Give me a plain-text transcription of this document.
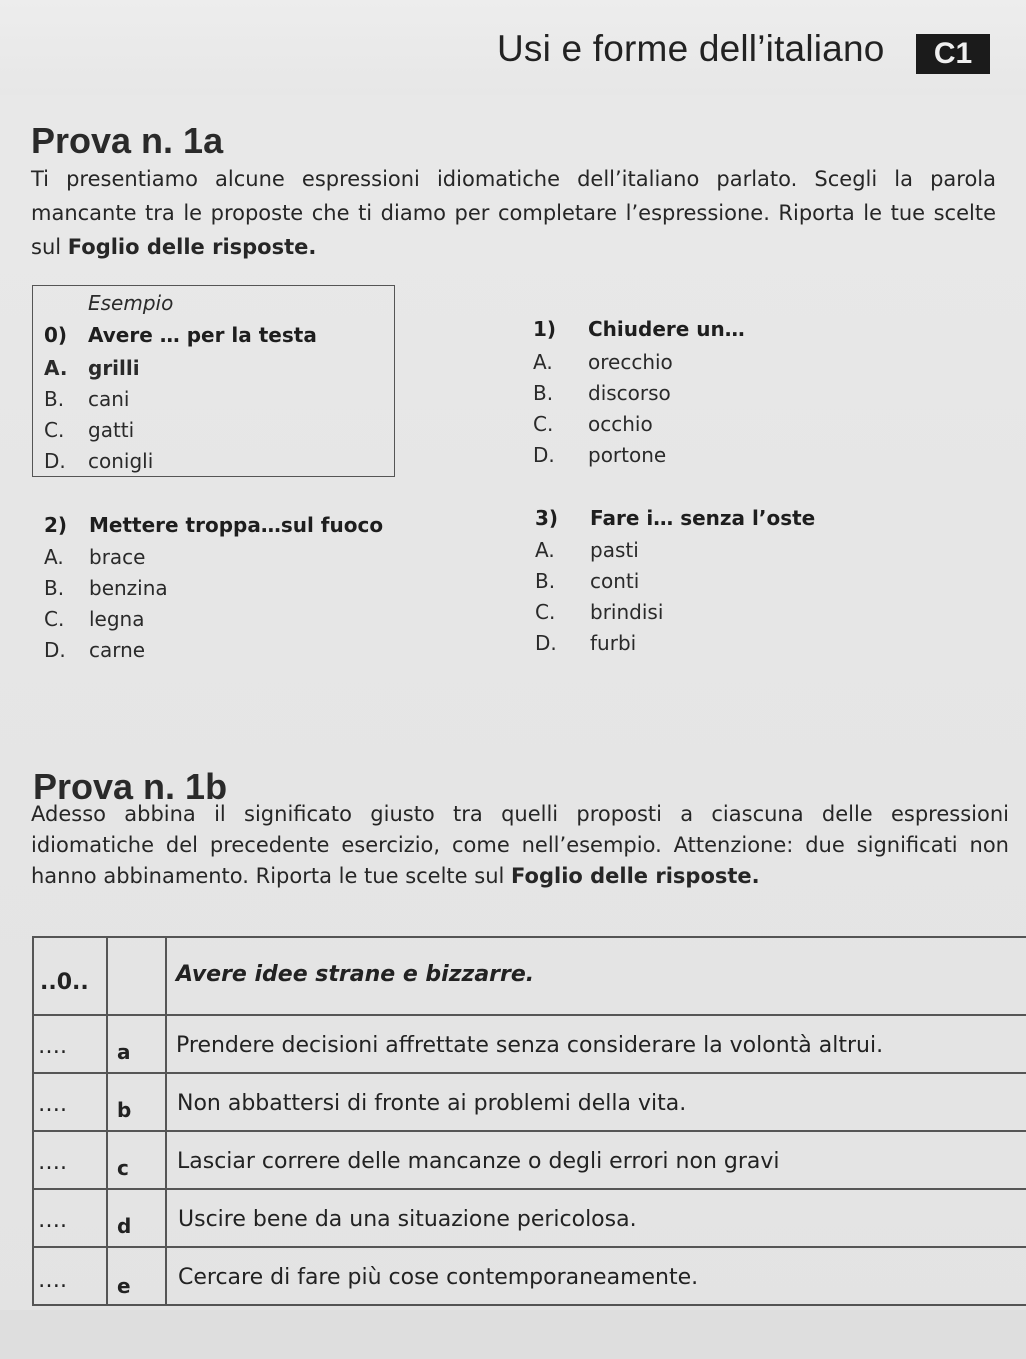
Usi e forme dell’italiano	C1
Prova n. 1a
Ti presentiamo alcune espressioni idiomatiche dell’italiano parlato. Scegli la parola mancante tra le proposte che ti diamo per completare l’espressione. Riporta le tue scelte sul Foglio delle risposte.
Esempio
0) Avere … per la testa
A. grilli
B. cani
C. gatti
D. conigli
1) Chiudere un…
A. orecchio
B. discorso
C. occhio
D. portone
2) Mettere troppa…sul fuoco
A. brace
B. benzina
C. legna
D. carne
3) Fare i… senza l’oste
A. pasti
B. conti
C. brindisi
D. furbi
Prova n. 1b
Adesso abbina il significato giusto tra quelli proposti a ciascuna delle espressioni idiomatiche del precedente esercizio, come nell’esempio. Attenzione: due significati non hanno abbinamento. Riporta le tue scelte sul Foglio delle risposte.
..0..	Avere idee strane e bizzarre.
….	a Prendere decisioni affrettate senza considerare la volontà altrui.
….	b Non abbattersi di fronte ai problemi della vita.
….	c Lasciar correre delle mancanze o degli errori non gravi
….	d Uscire bene da una situazione pericolosa.
….	e Cercare di fare più cose contemporaneamente.
